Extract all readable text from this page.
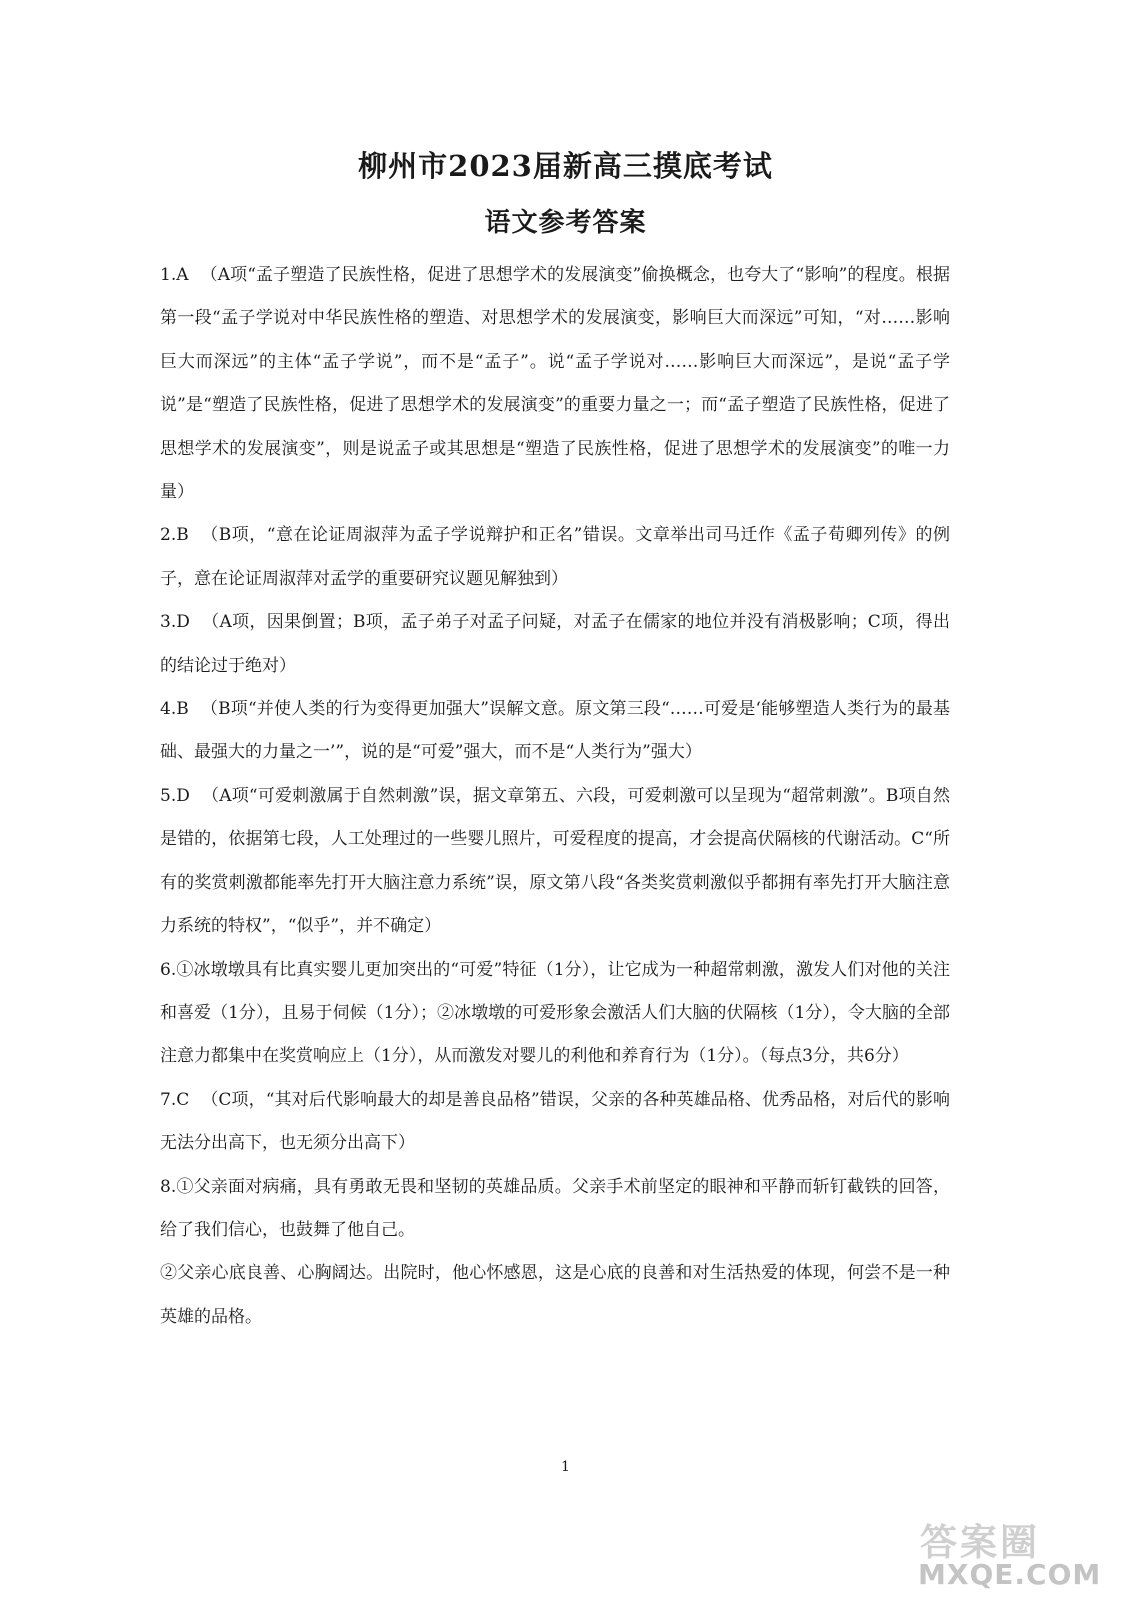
柳州市2023届新高三摸底考试
语文参考答案

1.A （A项“孟子塑造了民族性格，促进了思想学术的发展演变”偷换概念，也夸大了“影响”的程度。根据第一段“孟子学说对中华民族性格的塑造、对思想学术的发展演变，影响巨大而深远”可知，“对……影响巨大而深远”的主体“孟子学说”，而不是“孟子”。说“孟子学说对……影响巨大而深远”，是说“孟子学说”是“塑造了民族性格，促进了思想学术的发展演变”的重要力量之一；而“孟子塑造了民族性格，促进了思想学术的发展演变”，则是说孟子或其思想是“塑造了民族性格，促进了思想学术的发展演变”的唯一力量）

2.B （B项，“意在论证周淑萍为孟子学说辩护和正名”错误。文章举出司马迁作《孟子荀卿列传》的例子，意在论证周淑萍对孟学的重要研究议题见解独到）

3.D （A项，因果倒置；B项，孟子弟子对孟子问疑，对孟子在儒家的地位并没有消极影响；C项，得出的结论过于绝对）

4.B （B项“并使人类的行为变得更加强大”误解文意。原文第三段“……可爱是‘能够塑造人类行为的最基础、最强大的力量之一’”，说的是“可爱”强大，而不是“人类行为”强大）

5.D （A项“可爱刺激属于自然刺激”误，据文章第五、六段，可爱刺激可以呈现为“超常刺激”。B项自然是错的，依据第七段，人工处理过的一些婴儿照片，可爱程度的提高，才会提高伏隔核的代谢活动。C“所有的奖赏刺激都能率先打开大脑注意力系统”误，原文第八段“各类奖赏刺激似乎都拥有率先打开大脑注意力系统的特权”，“似乎”，并不确定）

6.①冰墩墩具有比真实婴儿更加突出的“可爱”特征（1分），让它成为一种超常刺激，激发人们对他的关注和喜爱（1分），且易于伺候（1分）；②冰墩墩的可爱形象会激活人们大脑的伏隔核（1分），令大脑的全部注意力都集中在奖赏响应上（1分），从而激发对婴儿的利他和养育行为（1分）。（每点3分，共6分）

7.C （C项，“其对后代影响最大的却是善良品格”错误，父亲的各种英雄品格、优秀品格，对后代的影响无法分出高下，也无须分出高下）

8.①父亲面对病痛，具有勇敢无畏和坚韧的英雄品质。父亲手术前坚定的眼神和平静而斩钉截铁的回答，给了我们信心，也鼓舞了他自己。

②父亲心底良善、心胸阔达。出院时，他心怀感恩，这是心底的良善和对生活热爱的体现，何尝不是一种英雄的品格。

1
答案圈
MXQE.COM
